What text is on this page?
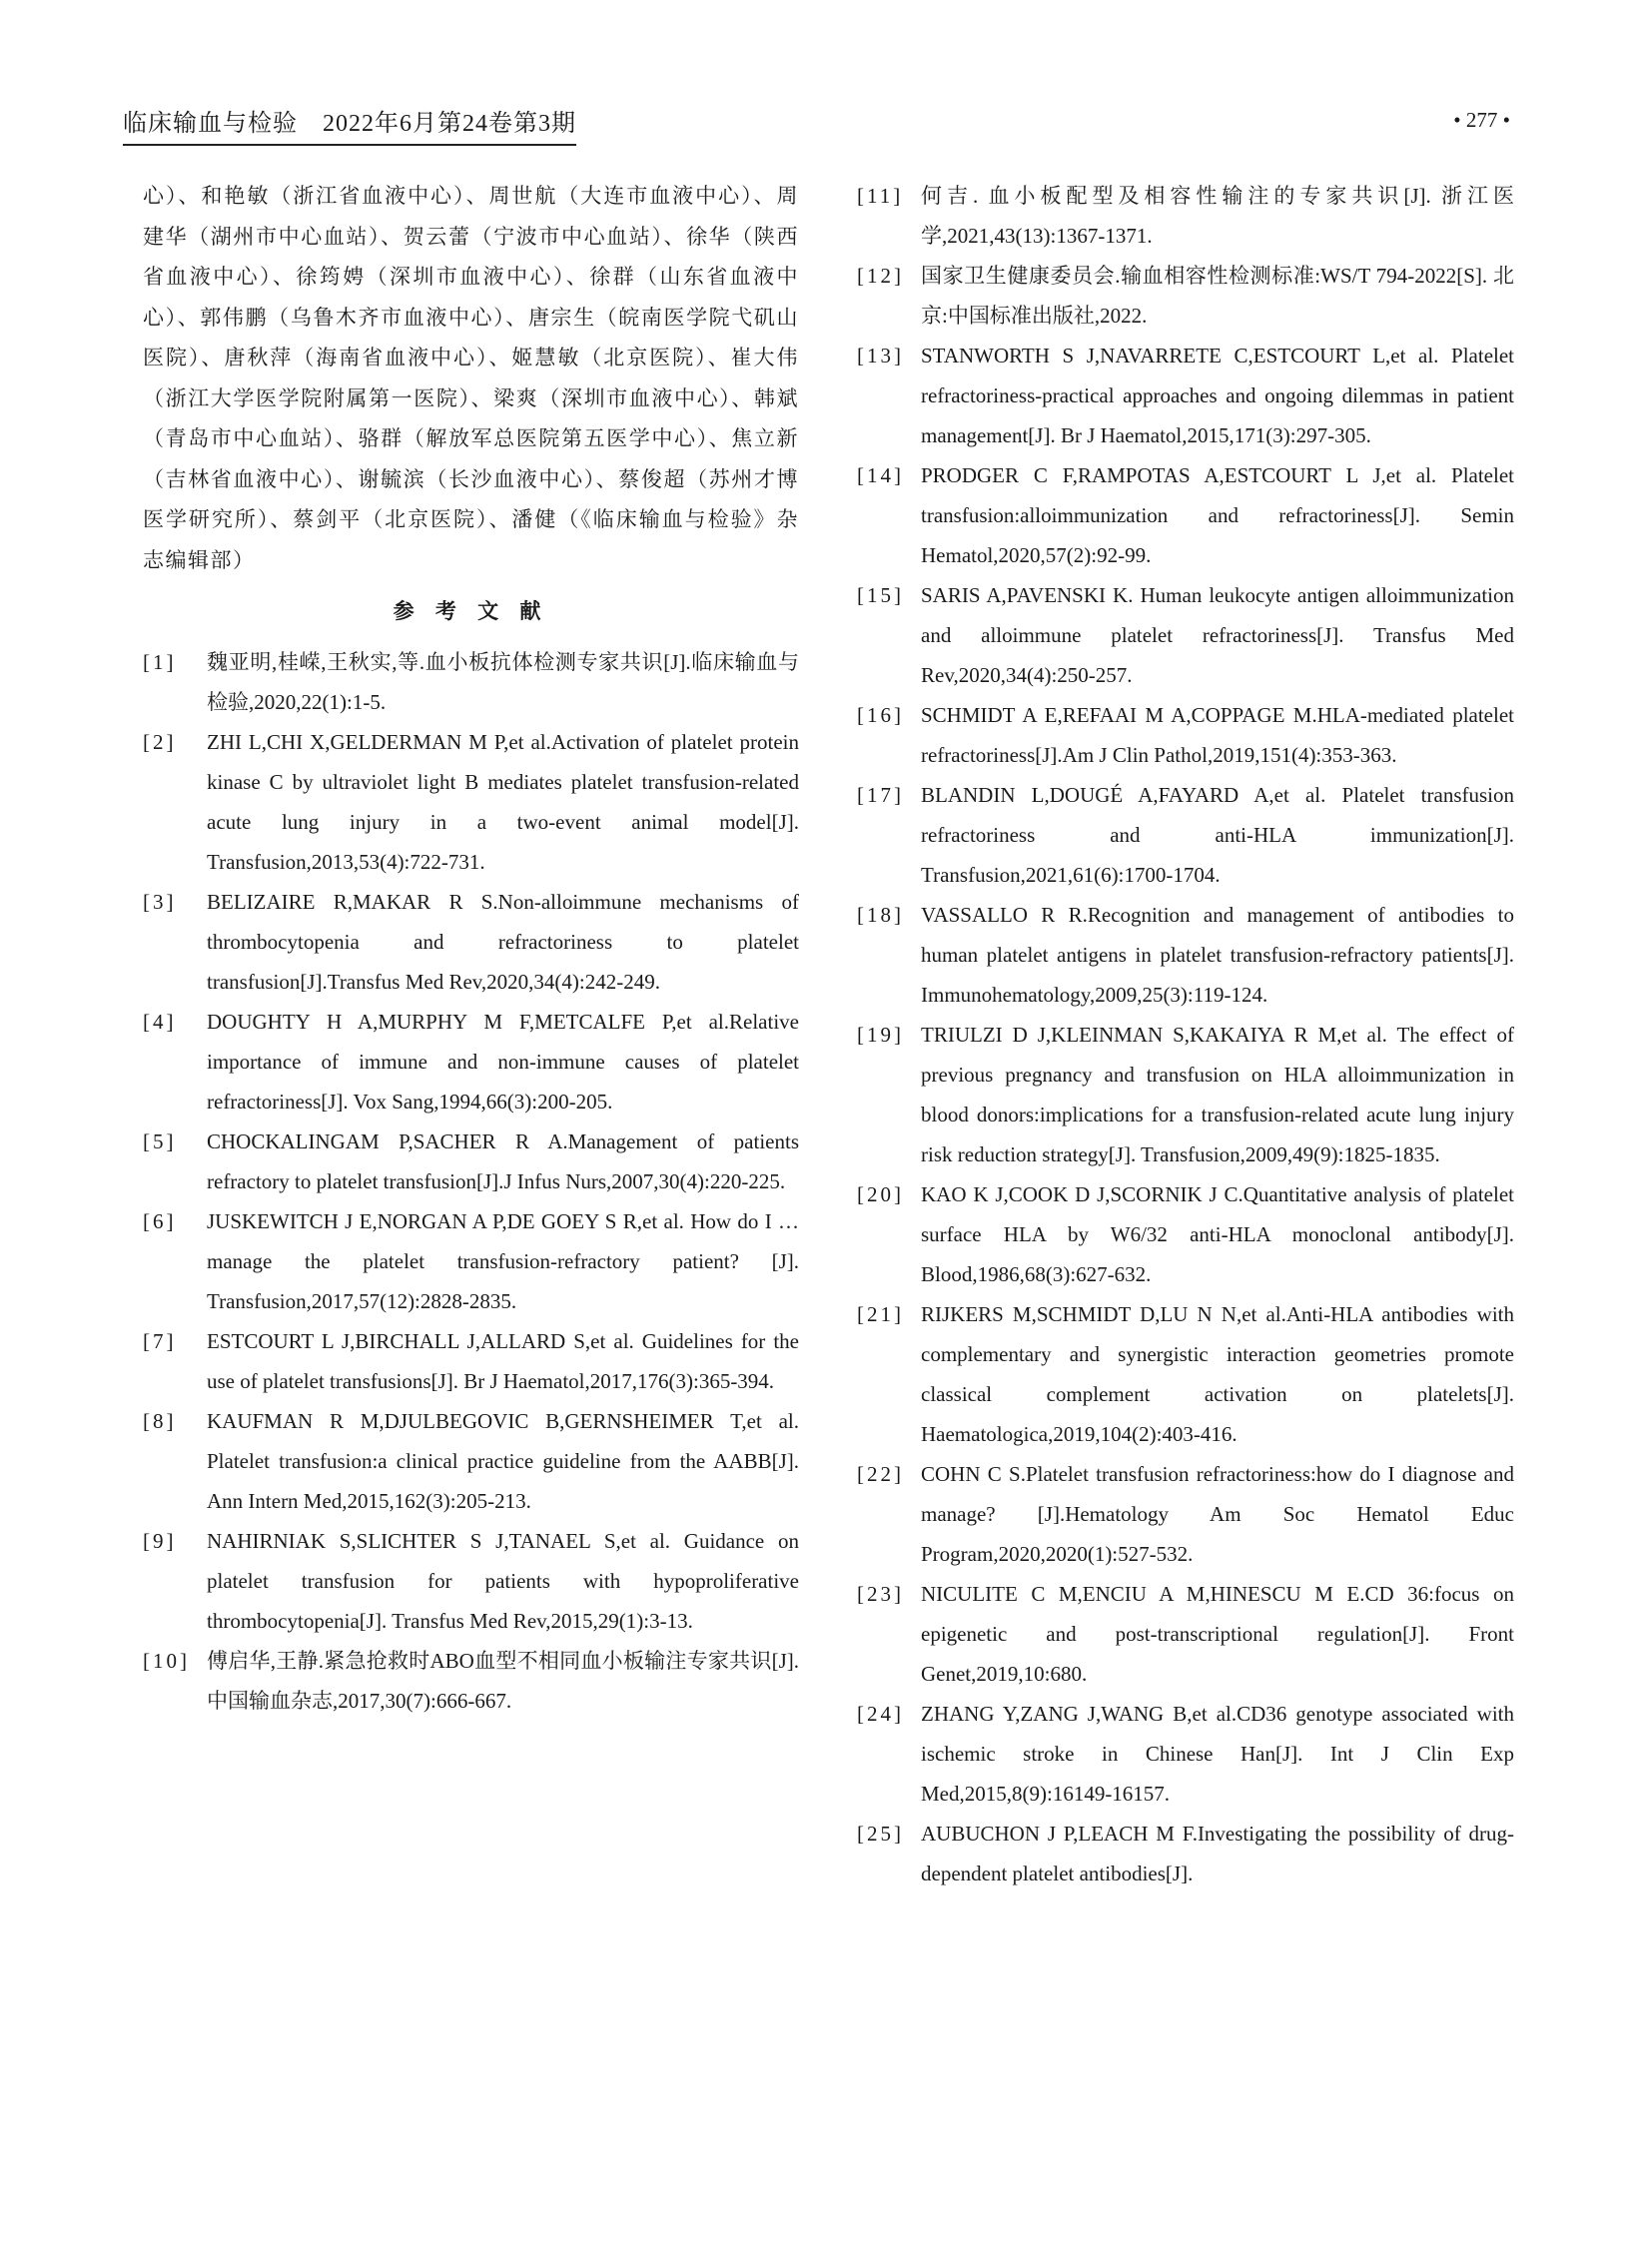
临床输血与检验　2022年6月第24卷第3期	• 277 •

心）、和艳敏（浙江省血液中心）、周世航（大连市血液中心）、周建华（湖州市中心血站）、贺云蕾（宁波市中心血站）、徐华（陕西省血液中心）、徐筠娉（深圳市血液中心）、徐群（山东省血液中心）、郭伟鹏（乌鲁木齐市血液中心）、唐宗生（皖南医学院弋矶山医院）、唐秋萍（海南省血液中心）、姬慧敏（北京医院）、崔大伟（浙江大学医学院附属第一医院）、梁爽（深圳市血液中心）、韩斌（青岛市中心血站）、骆群（解放军总医院第五医学中心）、焦立新（吉林省血液中心）、谢毓滨（长沙血液中心）、蔡俊超（苏州才博医学研究所）、蔡剑平（北京医院）、潘健（《临床输血与检验》杂志编辑部）

参 考 文 献
[1]	魏亚明,桂嵘,王秋实,等.血小板抗体检测专家共识[J].临床输血与检验,2020,22(1):1-5.
[2]	ZHI L,CHI X,GELDERMAN M P,et al.Activation of platelet protein kinase C by ultraviolet light B mediates platelet transfusion-related acute lung injury in a two-event animal model[J]. Transfusion,2013,53(4):722-731.
[3]	BELIZAIRE R,MAKAR R S.Non-alloimmune mechanisms of thrombocytopenia and refractoriness to platelet transfusion[J].Transfus Med Rev,2020,34(4):242-249.
[4]	DOUGHTY H A,MURPHY M F,METCALFE P,et al.Relative importance of immune and non-immune causes of platelet refractoriness[J]. Vox Sang,1994,66(3):200-205.
[5]	CHOCKALINGAM P,SACHER R A.Management of patients refractory to platelet transfusion[J].J Infus Nurs,2007,30(4):220-225.
[6]	JUSKEWITCH J E,NORGAN A P,DE GOEY S R,et al. How do I … manage the platelet transfusion-refractory patient? [J]. Transfusion,2017,57(12):2828-2835.
[7]	ESTCOURT L J,BIRCHALL J,ALLARD S,et al. Guidelines for the use of platelet transfusions[J]. Br J Haematol,2017,176(3):365-394.
[8]	KAUFMAN R M,DJULBEGOVIC B,GERNSHEIMER T,et al. Platelet transfusion:a clinical practice guideline from the AABB[J]. Ann Intern Med,2015,162(3):205-213.
[9]	NAHIRNIAK S,SLICHTER S J,TANAEL S,et al. Guidance on platelet transfusion for patients with hypoproliferative thrombocytopenia[J]. Transfus Med Rev,2015,29(1):3-13.
[10] 傅启华,王静.紧急抢救时ABO血型不相同血小板输注专家共识[J].中国输血杂志,2017,30(7):666-667.
[11] 何吉. 血小板配型及相容性输注的专家共识[J]. 浙江医学,2021,43(13):1367-1371.
[12] 国家卫生健康委员会.输血相容性检测标准:WS/T 794-2022[S]. 北京:中国标准出版社,2022.
[13] STANWORTH S J,NAVARRETE C,ESTCOURT L,et al. Platelet refractoriness-practical approaches and ongoing dilemmas in patient management[J]. Br J Haematol,2015,171(3):297-305.
[14] PRODGER C F,RAMPOTAS A,ESTCOURT L J,et al. Platelet transfusion:alloimmunization and refractoriness[J]. Semin Hematol,2020,57(2):92-99.
[15] SARIS A,PAVENSKI K. Human leukocyte antigen alloimmunization and alloimmune platelet refractoriness[J]. Transfus Med Rev,2020,34(4):250-257.
[16] SCHMIDT A E,REFAAI M A,COPPAGE M.HLA-mediated platelet refractoriness[J].Am J Clin Pathol,2019,151(4):353-363.
[17] BLANDIN L,DOUGÉ A,FAYARD A,et al. Platelet transfusion refractoriness and anti-HLA immunization[J]. Transfusion,2021,61(6):1700-1704.
[18] VASSALLO R R.Recognition and management of antibodies to human platelet antigens in platelet transfusion-refractory patients[J]. Immunohematology,2009,25(3):119-124.
[19] TRIULZI D J,KLEINMAN S,KAKAIYA R M,et al. The effect of previous pregnancy and transfusion on HLA alloimmunization in blood donors:implications for a transfusion-related acute lung injury risk reduction strategy[J]. Transfusion,2009,49(9):1825-1835.
[20] KAO K J,COOK D J,SCORNIK J C.Quantitative analysis of platelet surface HLA by W6/32 anti-HLA monoclonal antibody[J]. Blood,1986,68(3):627-632.
[21] RIJKERS M,SCHMIDT D,LU N N,et al.Anti-HLA antibodies with complementary and synergistic interaction geometries promote classical complement activation on platelets[J]. Haematologica,2019,104(2):403-416.
[22] COHN C S.Platelet transfusion refractoriness:how do I diagnose and manage? [J].Hematology Am Soc Hematol Educ Program,2020,2020(1):527-532.
[23] NICULITE C M,ENCIU A M,HINESCU M E.CD 36:focus on epigenetic and post-transcriptional regulation[J]. Front Genet,2019,10:680.
[24] ZHANG Y,ZANG J,WANG B,et al.CD36 genotype associated with ischemic stroke in Chinese Han[J]. Int J Clin Exp Med,2015,8(9):16149-16157.
[25] AUBUCHON J P,LEACH M F.Investigating the possibility of drug-dependent platelet antibodies[J].
